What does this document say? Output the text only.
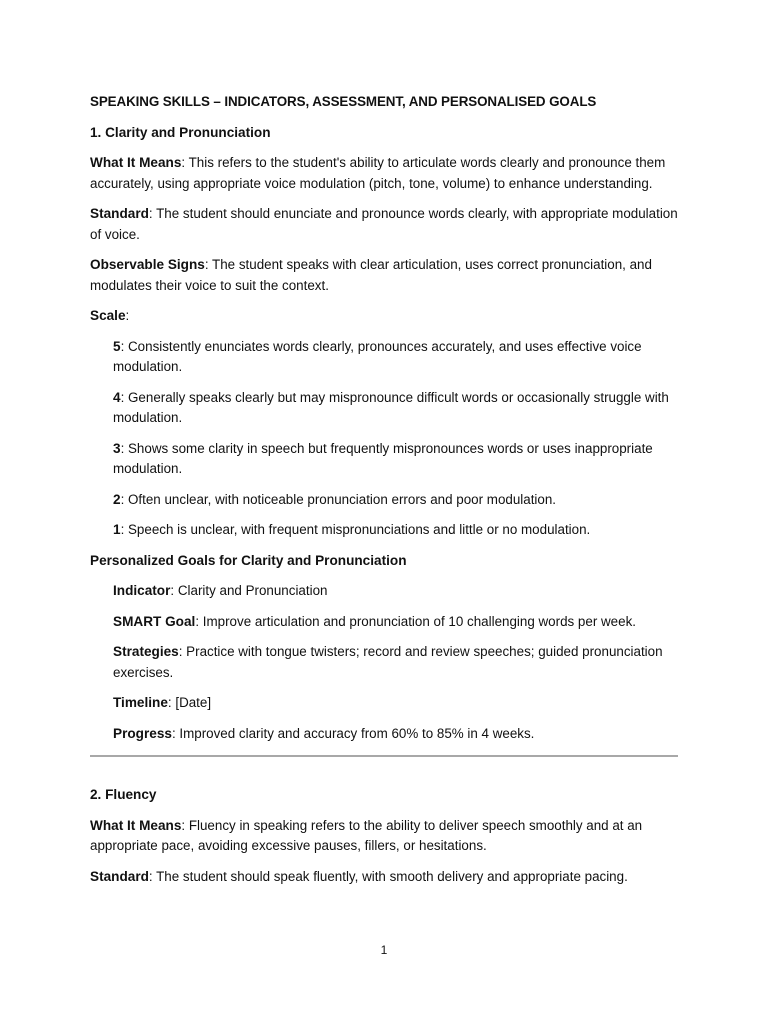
SPEAKING SKILLS – INDICATORS, ASSESSMENT, AND PERSONALISED GOALS
1. Clarity and Pronunciation

What It Means: This refers to the student's ability to articulate words clearly and pronounce them accurately, using appropriate voice modulation (pitch, tone, volume) to enhance understanding.

Standard: The student should enunciate and pronounce words clearly, with appropriate modulation of voice.

Observable Signs: The student speaks with clear articulation, uses correct pronunciation, and modulates their voice to suit the context.

Scale:

5: Consistently enunciates words clearly, pronounces accurately, and uses effective voice modulation.

4: Generally speaks clearly but may mispronounce difficult words or occasionally struggle with modulation.

3: Shows some clarity in speech but frequently mispronounces words or uses inappropriate modulation.

2: Often unclear, with noticeable pronunciation errors and poor modulation.

1: Speech is unclear, with frequent mispronunciations and little or no modulation.

Personalized Goals for Clarity and Pronunciation

Indicator: Clarity and Pronunciation

SMART Goal: Improve articulation and pronunciation of 10 challenging words per week.

Strategies: Practice with tongue twisters; record and review speeches; guided pronunciation exercises.

Timeline: [Date]

Progress: Improved clarity and accuracy from 60% to 85% in 4 weeks.

2. Fluency

What It Means: Fluency in speaking refers to the ability to deliver speech smoothly and at an appropriate pace, avoiding excessive pauses, fillers, or hesitations.

Standard: The student should speak fluently, with smooth delivery and appropriate pacing.

1
